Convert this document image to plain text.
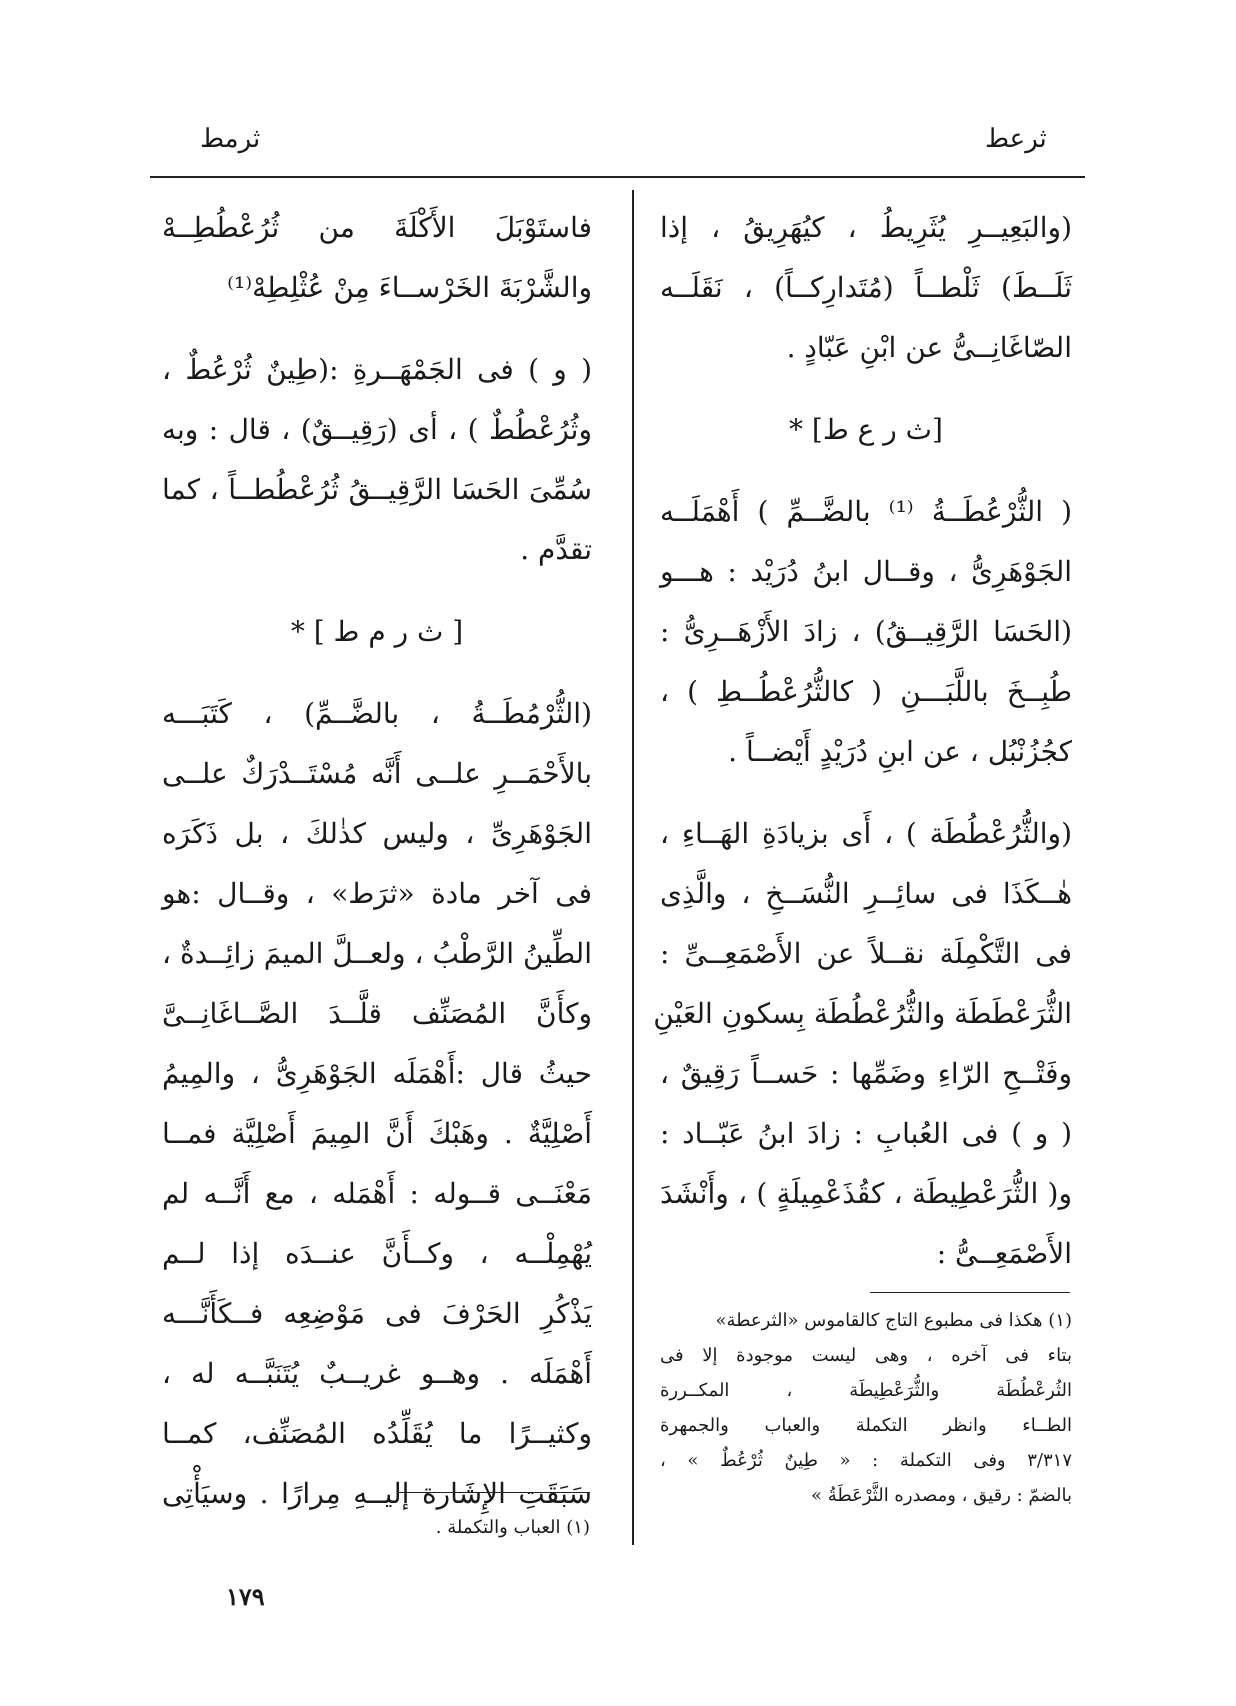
ثرمط	ثرعط
فاستَوْبَلَ الأَكْلَةَ من ثُرُعْطُطِــهْ
والشَّرْبَةَ الخَرْســاءَ مِنْ عُثْلِطِهْ⁽¹⁾
( و ) فى الجَمْهَــرةِ :(طِينٌ ثُرْعُطٌ ،
وثُرُعْطُطٌ ) ، أى (رَقِيــقٌ) ، قال : وبه
سُمِّىَ الحَسَا الرَّقِيــقُ ثُرُعْطُطــاً ، كما
تقدَّم .
[ ث ر م ط ] *
(الثُّرْمُطَــةُ ، بالضَّــمِّ) ، كَتَبَـــه
بالأَحْمَــرِ علــى أَنَّه مُسْتَــدْرَكٌ علــى
الجَوْهَرِىِّ ، وليس كذٰلكَ ، بل ذَكَرَه
فى آخر مادة «ثرَط» ، وقــال :هو
الطِّينُ الرَّطْبُ ، ولعــلَّ الميمَ زائِــدةٌ ،
وكأَنَّ المُصَنِّف قلَّــدَ الصَّــاغَانِــىَّ
حيثُ قال :أَهْمَلَه الجَوْهَرِىُّ ، والمِيمُ
أَصْلِيَّةٌ . وهَبْكَ أَنَّ المِيمَ أَصْلِيَّة فمــا
مَعْنَــى قــوله : أَهْمَله ، مع أَنَّــه لم
يُهْمِلْــه ، وكــأَنَّ عنــدَه إذا لــم
يَذْكُرِ الحَرْفَ فى مَوْضِعِه فــكَأَنَّـــه
أَهْمَلَه . وهــو غريــبٌ يُتَنَبَّــه له ،
وكثيــرًا ما يُقَلِّدُه المُصَنِّف، كمــا
سَبَقَتِ الإِشَارة إليــهِ مِرارًا . وسيَأْتِى
(والبَعِيــرِ يُثَرِيطُ ، كيُهَرِيقُ ، إذا
ثَلَــطَ) ثَلْطــاً (مُتَدارِكــاً) ، نَقَلَــه
الصّاغَانِــىُّ عن ابْنِ عَبّادٍ .
[ث ر ع ط] *
( الثُّرْعُطَــةُ ⁽¹⁾ بالضَّــمِّ ) أَهْمَلَــه
الجَوْهَرِىُّ ، وقــال ابنُ دُرَيْد : هـــو
(الحَسَا الرَّقِيــقُ) ، زادَ الأَزْهَــرِىُّ :
طُبِــخَ باللَّبَـــنِ ( كالثُّرُعْطُــطِ ) ،
كجُزُنْبُل ، عن ابنِ دُرَيْدٍ أَيْضــاً .
(والثُّرُعْطُطَة ) ، أَى بزيادَةِ الهَــاءِ ،
هٰــكَذَا فى سائِــرِ النُّسَــخِ ، والَّذِى
فى التَّكْمِلَة نقــلاً عن الأَصْمَعِــىِّ :
الثُّرَعْطَطَة والثُّرُعْطُطَة بِسكونِ العَيْنِ
وفَتْــحِ الرّاءِ وضَمِّها : حَســاً رَقِيقٌ ،
( و ) فى العُبابِ : زادَ ابنُ عَبّــاد :
و( الثُّرَعْطِيطَة ، كقُذَعْمِيلَةٍ ) ، وأَنْشَدَ
الأَصْمَعِــىُّ :
(١) هكذا فى مطبوع التاج كالقاموس «الثرعطة»
بتاء فى آخره ، وهى ليست موجودة إلا فى
الثُرعْطُطَة والثُّرَعْطِيطَة ، المكــررة
الطــاء وانظر التكملة والعباب والجمهرة
٣/٣١٧ وفى التكملة : « طِينٌ ثُرْعُطٌ » ،
بالضمّ : رقيق ، ومصدره الثَّرْعَطَةُ »
(١) العباب والتكملة .
١٧٩
